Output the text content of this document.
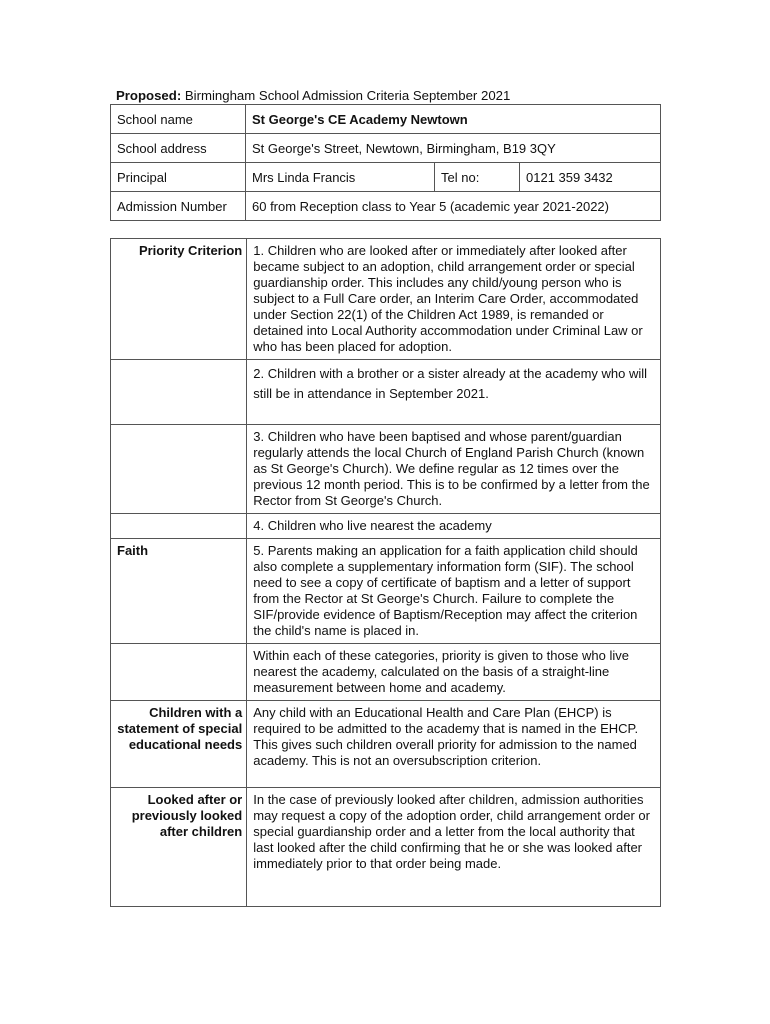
Proposed: Birmingham School Admission Criteria September 2021
School name	St George's CE Academy Newtown		
School address	St George's Street, Newtown, Birmingham, B19 3QY		
Principal	Mrs Linda Francis	Tel no:	0121 359 3432
Admission Number	60 from Reception class to Year 5 (academic year 2021-2022)		
Priority Criterion	1. Children who are looked after or immediately after looked after became subject to an adoption, child arrangement order or special guardianship order. This includes any child/young person who is subject to a Full Care order, an Interim Care Order, accommodated under Section 22(1) of the Children Act 1989, is remanded or detained into Local Authority accommodation under Criminal Law or who has been placed for adoption.
	2. Children with a brother or a sister already at the academy who will still be in attendance in September 2021.
	3. Children who have been baptised and whose parent/guardian regularly attends the local Church of England Parish Church (known as St George's Church). We define regular as 12 times over the previous 12 month period. This is to be confirmed by a letter from the Rector from St George's Church.
	4. Children who live nearest the academy
Faith	5. Parents making an application for a faith application child should also complete a supplementary information form (SIF). The school need to see a copy of certificate of baptism and a letter of support from the Rector at St George's Church. Failure to complete the SIF/provide evidence of Baptism/Reception may affect the criterion the child's name is placed in.
	Within each of these categories, priority is given to those who live nearest the academy, calculated on the basis of a straight-line measurement between home and academy.
Children with a statement of special educational needs	Any child with an Educational Health and Care Plan (EHCP) is required to be admitted to the academy that is named in the EHCP. This gives such children overall priority for admission to the named academy. This is not an oversubscription criterion.
Looked after or previously looked after children	In the case of previously looked after children, admission authorities may request a copy of the adoption order, child arrangement order or special guardianship order and a letter from the local authority that last looked after the child confirming that he or she was looked after immediately prior to that order being made.
